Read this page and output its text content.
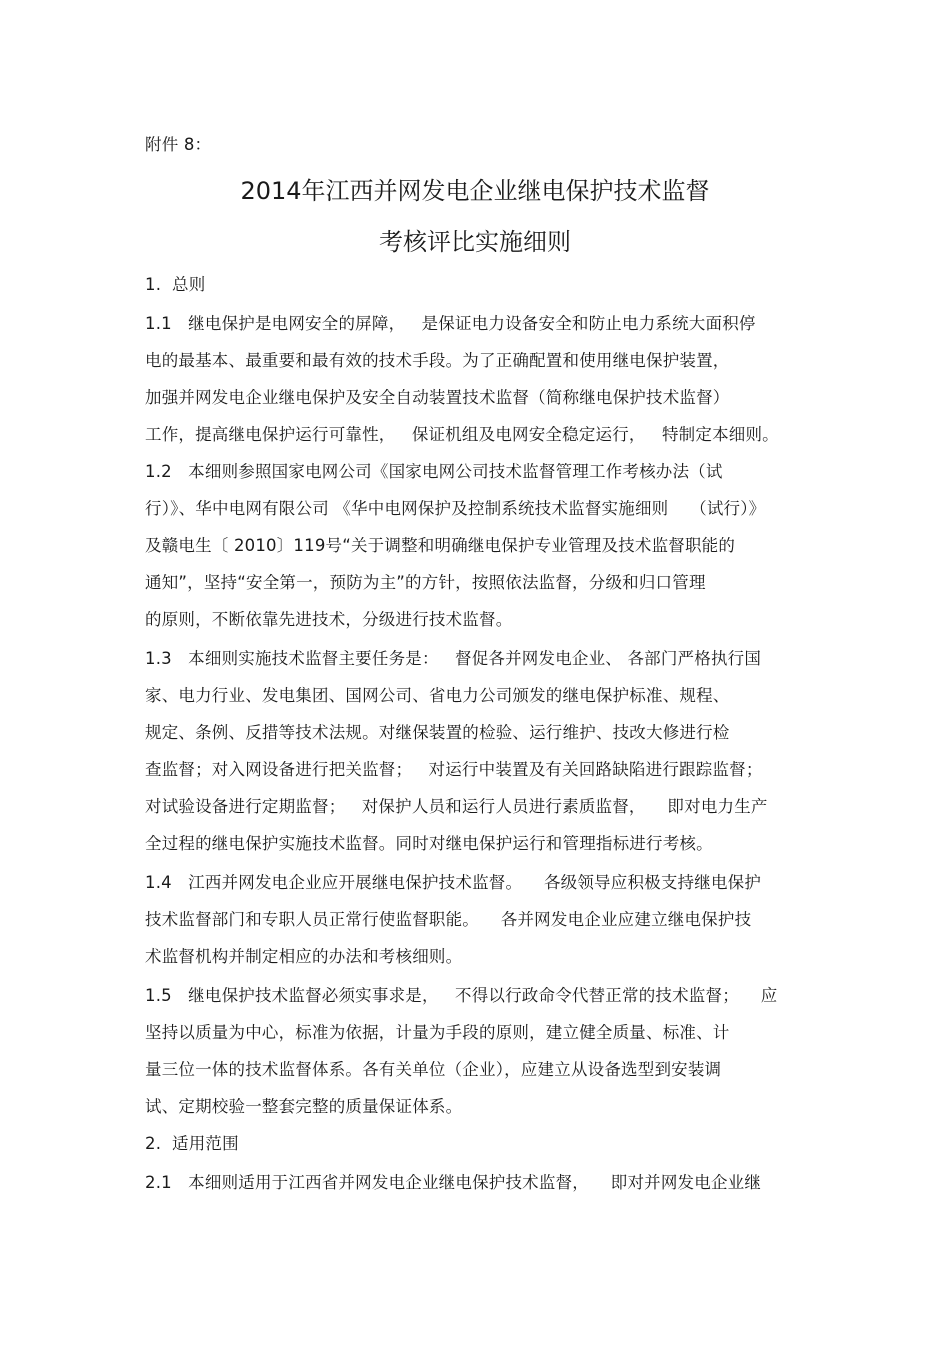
附件 8：
2014年江西并网发电企业继电保护技术监督
考核评比实施细则
1.  总则
1.1   继电保护是电网安全的屏障，   是保证电力设备安全和防止电力系统大面积停
电的最基本、最重要和最有效的技术手段。为了正确配置和使用继电保护装置，
加强并网发电企业继电保护及安全自动装置技术监督（简称继电保护技术监督）
工作，提高继电保护运行可靠性，   保证机组及电网安全稳定运行，   特制定本细则。
1.2   本细则参照国家电网公司《国家电网公司技术监督管理工作考核办法（试
行）》、华中电网有限公司 《华中电网保护及控制系统技术监督实施细则    （试行）》
及赣电生〔 2010〕119号“关于调整和明确继电保护专业管理及技术监督职能的
通知”，坚持“安全第一，预防为主”的方针，按照依法监督，分级和归口管理
的原则，不断依靠先进技术，分级进行技术监督。
1.3   本细则实施技术监督主要任务是：   督促各并网发电企业、 各部门严格执行国
家、电力行业、发电集团、国网公司、省电力公司颁发的继电保护标准、规程、
规定、条例、反措等技术法规。对继保装置的检验、运行维护、技改大修进行检
查监督；对入网设备进行把关监督；   对运行中装置及有关回路缺陷进行跟踪监督；
对试验设备进行定期监督；   对保护人员和运行人员进行素质监督，    即对电力生产
全过程的继电保护实施技术监督。同时对继电保护运行和管理指标进行考核。
1.4   江西并网发电企业应开展继电保护技术监督。    各级领导应积极支持继电保护
技术监督部门和专职人员正常行使监督职能。    各并网发电企业应建立继电保护技
术监督机构并制定相应的办法和考核细则。
1.5   继电保护技术监督必须实事求是，   不得以行政命令代替正常的技术监督；    应
坚持以质量为中心，标准为依据，计量为手段的原则，建立健全质量、标准、计
量三位一体的技术监督体系。各有关单位（企业），应建立从设备选型到安装调
试、定期校验一整套完整的质量保证体系。
2.  适用范围
2.1   本细则适用于江西省并网发电企业继电保护技术监督，    即对并网发电企业继
